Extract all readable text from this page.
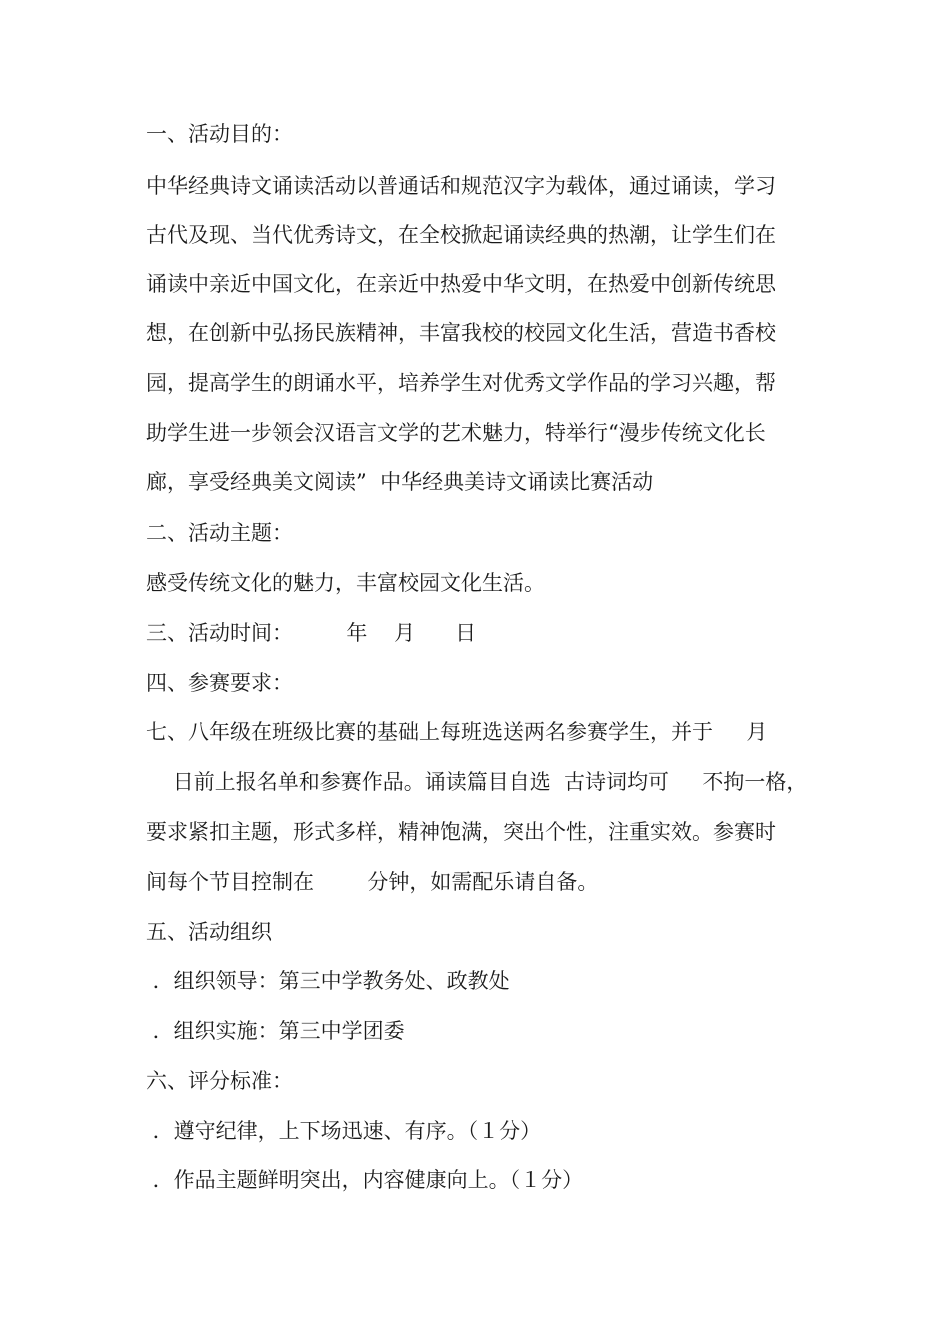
一、活动目的：
中华经典诗文诵读活动以普通话和规范汉字为载体，通过诵读，学习
古代及现、当代优秀诗文，在全校掀起诵读经典的热潮，让学生们在
诵读中亲近中国文化，在亲近中热爱中华文明，在热爱中创新传统思
想，在创新中弘扬民族精神，丰富我校的校园文化生活，营造书香校
园，提高学生的朗诵水平，培养学生对优秀文学作品的学习兴趣，帮
助学生进一步领会汉语言文学的艺术魅力，特举行“漫步传统文化长
廊，享受经典美文阅读”  中华经典美诗文诵读比赛活动
二、活动主题：
感受传统文化的魅力，丰富校园文化生活。
三、活动时间：        年    月      日
四、参赛要求：
七、八年级在班级比赛的基础上每班选送两名参赛学生，并于     月
日前上报名单和参赛作品。诵读篇目自选  古诗词均可     不拘一格，
要求紧扣主题，形式多样，精神饱满，突出个性，注重实效。参赛时
间每个节目控制在        分钟，如需配乐请自备。
五、活动组织
．组织领导：第三中学教务处、政教处
．组织实施：第三中学团委
六、评分标准：
．遵守纪律，上下场迅速、有序。（１分）
．作品主题鲜明突出，内容健康向上。（１分）
